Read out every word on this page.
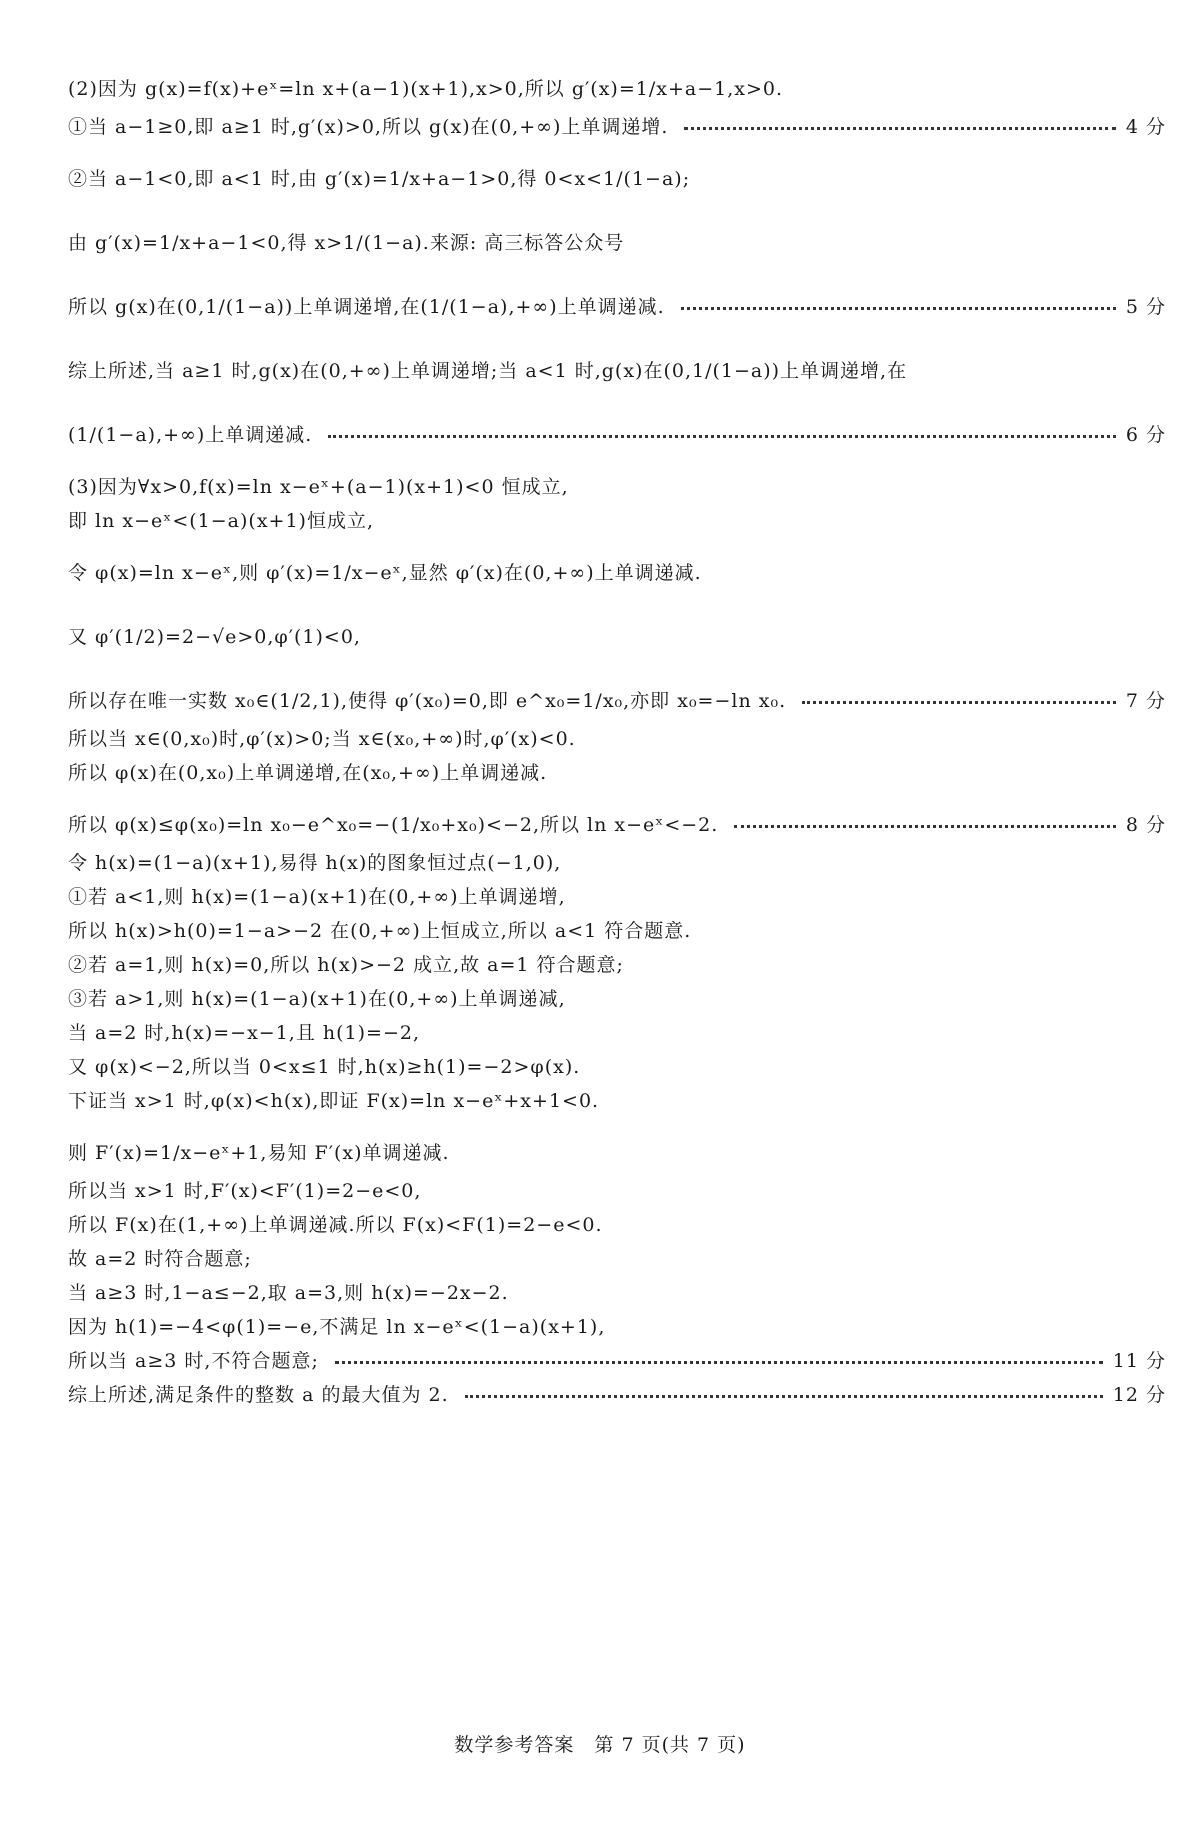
(2)因为 g(x)=f(x)+eˣ=ln x+(a−1)(x+1),x>0,所以 g′(x)=1/x+a−1,x>0.
①当 a−1≥0,即 a≥1 时,g′(x)>0,所以 g(x)在(0,+∞)上单调递增.	4 分
②当 a−1<0,即 a<1 时,由 g′(x)=1/x+a−1>0,得 0<x<1/(1−a);
由 g′(x)=1/x+a−1<0,得 x>1/(1−a).来源: 高三标答公众号
所以 g(x)在(0,1/(1−a))上单调递增,在(1/(1−a),+∞)上单调递减.	5 分
综上所述,当 a≥1 时,g(x)在(0,+∞)上单调递增;当 a<1 时,g(x)在(0,1/(1−a))上单调递增,在
(1/(1−a),+∞)上单调递减.	6 分
(3)因为∀x>0,f(x)=ln x−eˣ+(a−1)(x+1)<0 恒成立,
即 ln x−eˣ<(1−a)(x+1)恒成立,
令 φ(x)=ln x−eˣ,则 φ′(x)=1/x−eˣ,显然 φ′(x)在(0,+∞)上单调递减.
又 φ′(1/2)=2−√e>0,φ′(1)<0,
所以存在唯一实数 x₀∈(1/2,1),使得 φ′(x₀)=0,即 e^x₀=1/x₀,亦即 x₀=−ln x₀.	7 分
所以当 x∈(0,x₀)时,φ′(x)>0;当 x∈(x₀,+∞)时,φ′(x)<0.
所以 φ(x)在(0,x₀)上单调递增,在(x₀,+∞)上单调递减.
所以 φ(x)≤φ(x₀)=ln x₀−e^x₀=−(1/x₀+x₀)<−2,所以 ln x−eˣ<−2.	8 分
令 h(x)=(1−a)(x+1),易得 h(x)的图象恒过点(−1,0),
①若 a<1,则 h(x)=(1−a)(x+1)在(0,+∞)上单调递增,
所以 h(x)>h(0)=1−a>−2 在(0,+∞)上恒成立,所以 a<1 符合题意.
②若 a=1,则 h(x)=0,所以 h(x)>−2 成立,故 a=1 符合题意;
③若 a>1,则 h(x)=(1−a)(x+1)在(0,+∞)上单调递减,
当 a=2 时,h(x)=−x−1,且 h(1)=−2,
又 φ(x)<−2,所以当 0<x≤1 时,h(x)≥h(1)=−2>φ(x).
下证当 x>1 时,φ(x)<h(x),即证 F(x)=ln x−eˣ+x+1<0.
则 F′(x)=1/x−eˣ+1,易知 F′(x)单调递减.
所以当 x>1 时,F′(x)<F′(1)=2−e<0,
所以 F(x)在(1,+∞)上单调递减.所以 F(x)<F(1)=2−e<0.
故 a=2 时符合题意;
当 a≥3 时,1−a≤−2,取 a=3,则 h(x)=−2x−2.
因为 h(1)=−4<φ(1)=−e,不满足 ln x−eˣ<(1−a)(x+1),
所以当 a≥3 时,不符合题意;	11 分
综上所述,满足条件的整数 a 的最大值为 2.	12 分
数学参考答案　第 7 页(共 7 页)
